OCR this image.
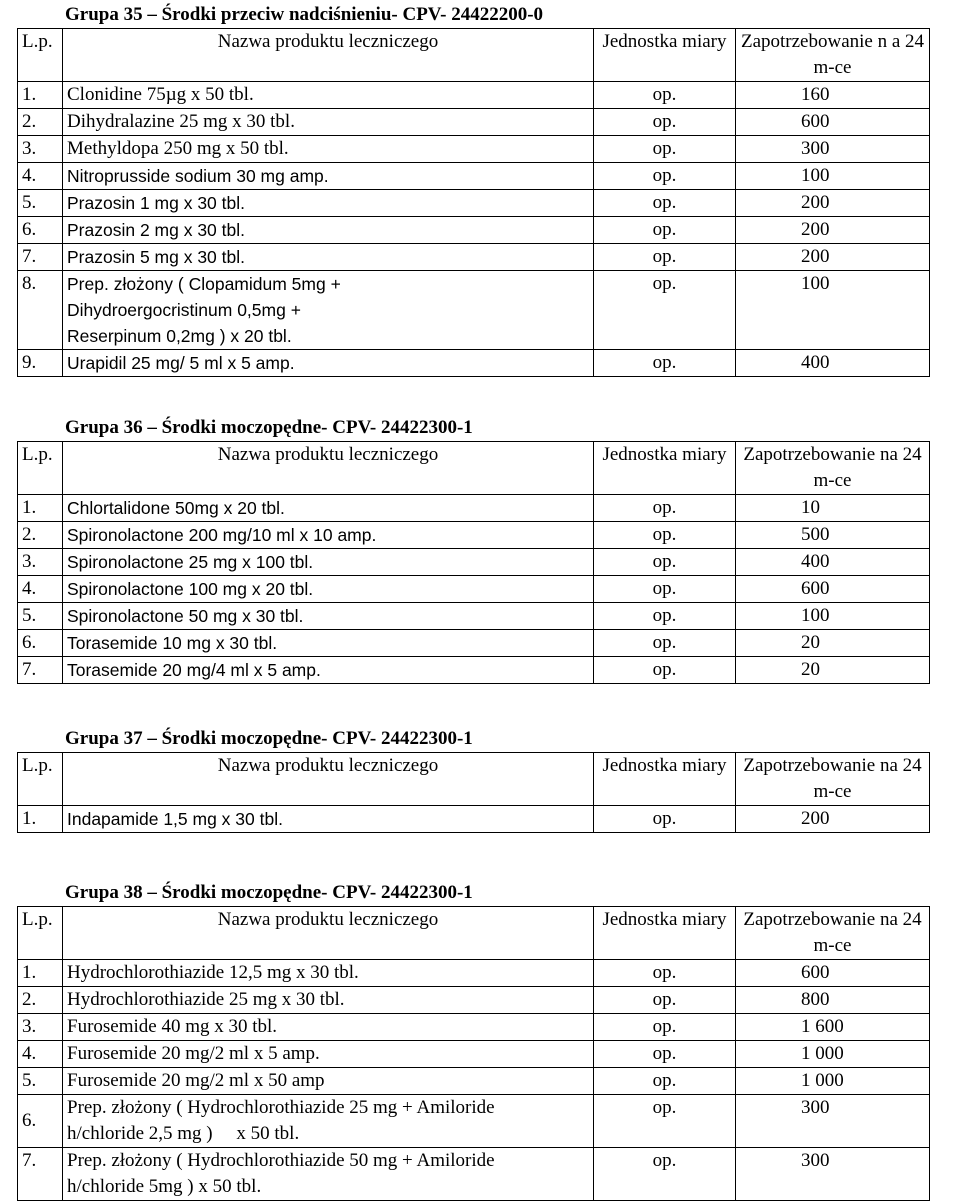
Grupa 35 – Środki przeciw nadciśnieniu- CPV- 24422200-0
L.p.	Nazwa produktu leczniczego	Jednostka miary	Zapotrzebowanie n a 24 m-ce
1.	Clonidine 75µg x 50 tbl.	op.	160
2.	Dihydralazine 25 mg x 30 tbl.	op.	600
3.	Methyldopa 250 mg x 50 tbl.	op.	300
4.	Nitroprusside sodium 30 mg amp.	op.	100
5.	Prazosin 1 mg x 30 tbl.	op.	200
6.	Prazosin 2 mg x 30 tbl.	op.	200
7.	Prazosin 5 mg x 30 tbl.	op.	200
8.	Prep. złożony ( Clopamidum 5mg +
Dihydroergocristinum 0,5mg +
Reserpinum 0,2mg ) x 20 tbl.	op.	100
9.	Urapidil 25 mg/ 5 ml x 5 amp.	op.	400
Grupa 36 – Środki moczopędne- CPV- 24422300-1
L.p.	Nazwa produktu leczniczego	Jednostka miary	Zapotrzebowanie na 24 m-ce
1.	Chlortalidone 50mg x 20 tbl.	op.	10
2.	Spironolactone 200 mg/10 ml x 10 amp.	op.	500
3.	Spironolactone 25 mg x 100 tbl.	op.	400
4.	Spironolactone 100 mg x 20 tbl.	op.	600
5.	Spironolactone 50 mg x 30 tbl.	op.	100
6.	Torasemide 10 mg x 30 tbl.	op.	20
7.	Torasemide 20 mg/4 ml x 5 amp.	op.	20
Grupa 37 – Środki moczopędne- CPV- 24422300-1
L.p.	Nazwa produktu leczniczego	Jednostka miary	Zapotrzebowanie na 24 m-ce
1.	Indapamide 1,5 mg x 30 tbl.	op.	200
Grupa 38 – Środki moczopędne- CPV- 24422300-1
L.p.	Nazwa produktu leczniczego	Jednostka miary	Zapotrzebowanie na 24 m-ce
1.	Hydrochlorothiazide 12,5 mg x 30 tbl.	op.	600
2.	Hydrochlorothiazide 25 mg x 30 tbl.	op.	800
3.	Furosemide 40 mg x 30 tbl.	op.	1 600
4.	Furosemide 20 mg/2 ml x 5 amp.	op.	1 000
5.	Furosemide 20 mg/2 ml x 50 amp	op.	1 000
6.	Prep. złożony ( Hydrochlorothiazide 25 mg + Amiloride
h/chloride 2,5 mg )     x 50 tbl.	op.	300
7.	Prep. złożony ( Hydrochlorothiazide 50 mg + Amiloride
h/chloride 5mg ) x 50 tbl.	op.	300
